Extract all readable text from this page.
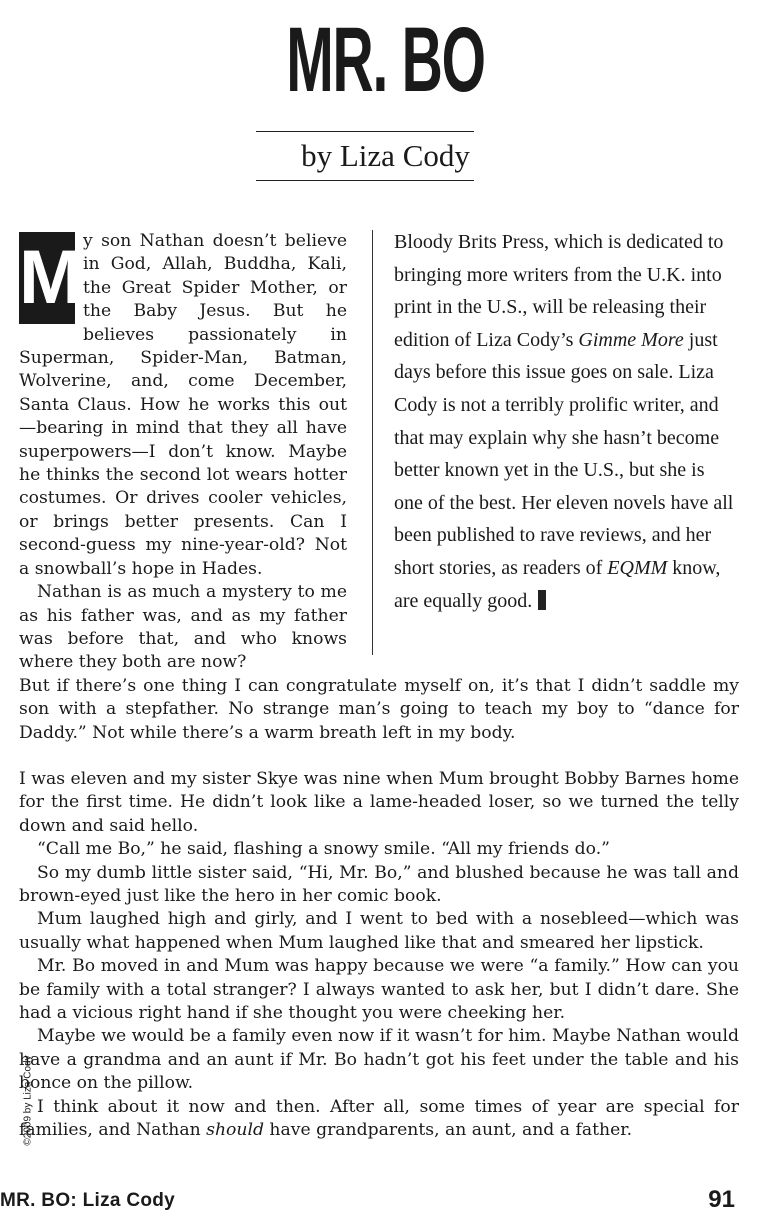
MR. BO
by Liza Cody

M y son Nathan doesn’t believe in God, Allah, Buddha, Kali, the Great Spider Mother, or the Baby Jesus. But he believes passionately in Superman, Spider-Man, Batman, Wolverine, and, come December, Santa Claus. How he works this out—bearing in mind that they all have superpowers—I don’t know. Maybe he thinks the second lot wears hotter costumes. Or drives cooler vehicles, or brings better presents. Can I second-guess my nine-year-old? Not a snowball’s hope in Hades.

Nathan is as much a mystery to me as his father was, and as my father was before that, and who knows where they both are now?

Bloody Brits Press, which is dedicated to bringing more writers from the U.K. into print in the U.S., will be releasing their edition of Liza Cody’s Gimme More just days before this issue goes on sale. Liza Cody is not a terribly prolific writer, and that may explain why she hasn’t become better known yet in the U.S., but she is one of the best. Her eleven novels have all been published to rave reviews, and her short stories, as readers of EQMM know, are equally good.

But if there’s one thing I can congratulate myself on, it’s that I didn’t saddle my son with a stepfather. No strange man’s going to teach my boy to “dance for Daddy.” Not while there’s a warm breath left in my body.

I was eleven and my sister Skye was nine when Mum brought Bobby Barnes home for the first time. He didn’t look like a lame-headed loser, so we turned the telly down and said hello.

“Call me Bo,” he said, flashing a snowy smile. “All my friends do.”

So my dumb little sister said, “Hi, Mr. Bo,” and blushed because he was tall and brown-eyed just like the hero in her comic book.

Mum laughed high and girly, and I went to bed with a nosebleed—which was usually what happened when Mum laughed like that and smeared her lipstick.

Mr. Bo moved in and Mum was happy because we were “a family.” How can you be family with a total stranger? I always wanted to ask her, but I didn’t dare. She had a vicious right hand if she thought you were cheeking her.

Maybe we would be a family even now if it wasn’t for him. Maybe Nathan would have a grandma and an aunt if Mr. Bo hadn’t got his feet under the table and his bonce on the pillow.

I think about it now and then. After all, some times of year are special for families, and Nathan should have grandparents, an aunt, and a father.

©2009 by Liza Cody
MR. BO: Liza Cody	91
